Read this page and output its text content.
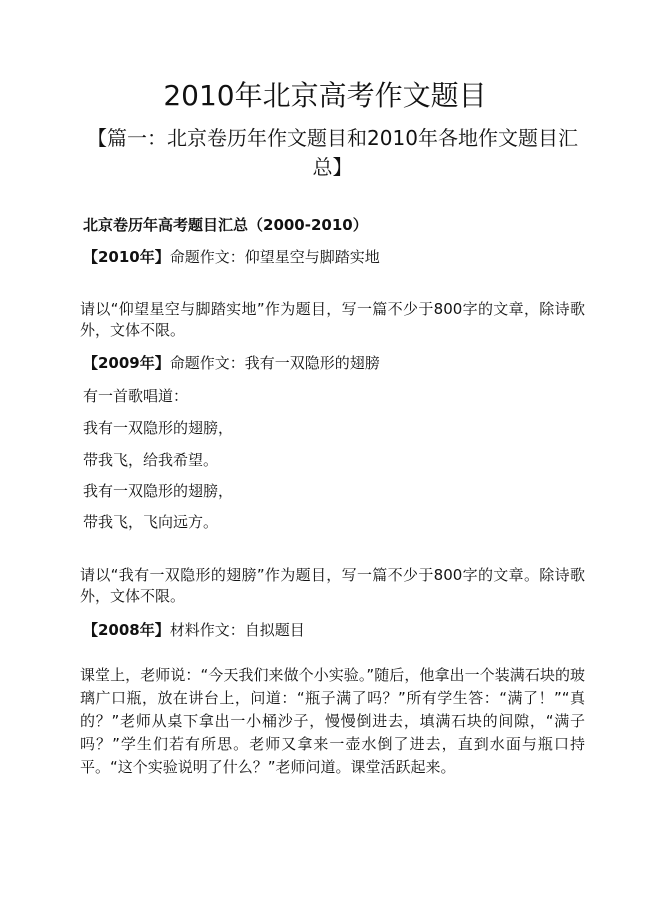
2010年北京高考作文题目
【篇一：北京卷历年作文题目和2010年各地作文题目汇总】
北京卷历年高考题目汇总（2000-2010）
【2010年】命题作文：仰望星空与脚踏实地
请以“仰望星空与脚踏实地”作为题目，写一篇不少于800字的文章，除诗歌外，文体不限。
【2009年】命题作文：我有一双隐形的翅膀
有一首歌唱道：
我有一双隐形的翅膀，
带我飞，给我希望。
我有一双隐形的翅膀，
带我飞，飞向远方。
请以“我有一双隐形的翅膀”作为题目，写一篇不少于800字的文章。除诗歌外，文体不限。
【2008年】材料作文：自拟题目
课堂上，老师说：“今天我们来做个小实验。”随后，他拿出一个装满石块的玻璃广口瓶，放在讲台上，问道：“瓶子满了吗？”所有学生答：“满了！”“真的？”老师从桌下拿出一小桶沙子，慢慢倒进去，填满石块的间隙，“满子吗？”学生们若有所思。老师又拿来一壶水倒了进去，直到水面与瓶口持平。“这个实验说明了什么？”老师问道。课堂活跃起来。
